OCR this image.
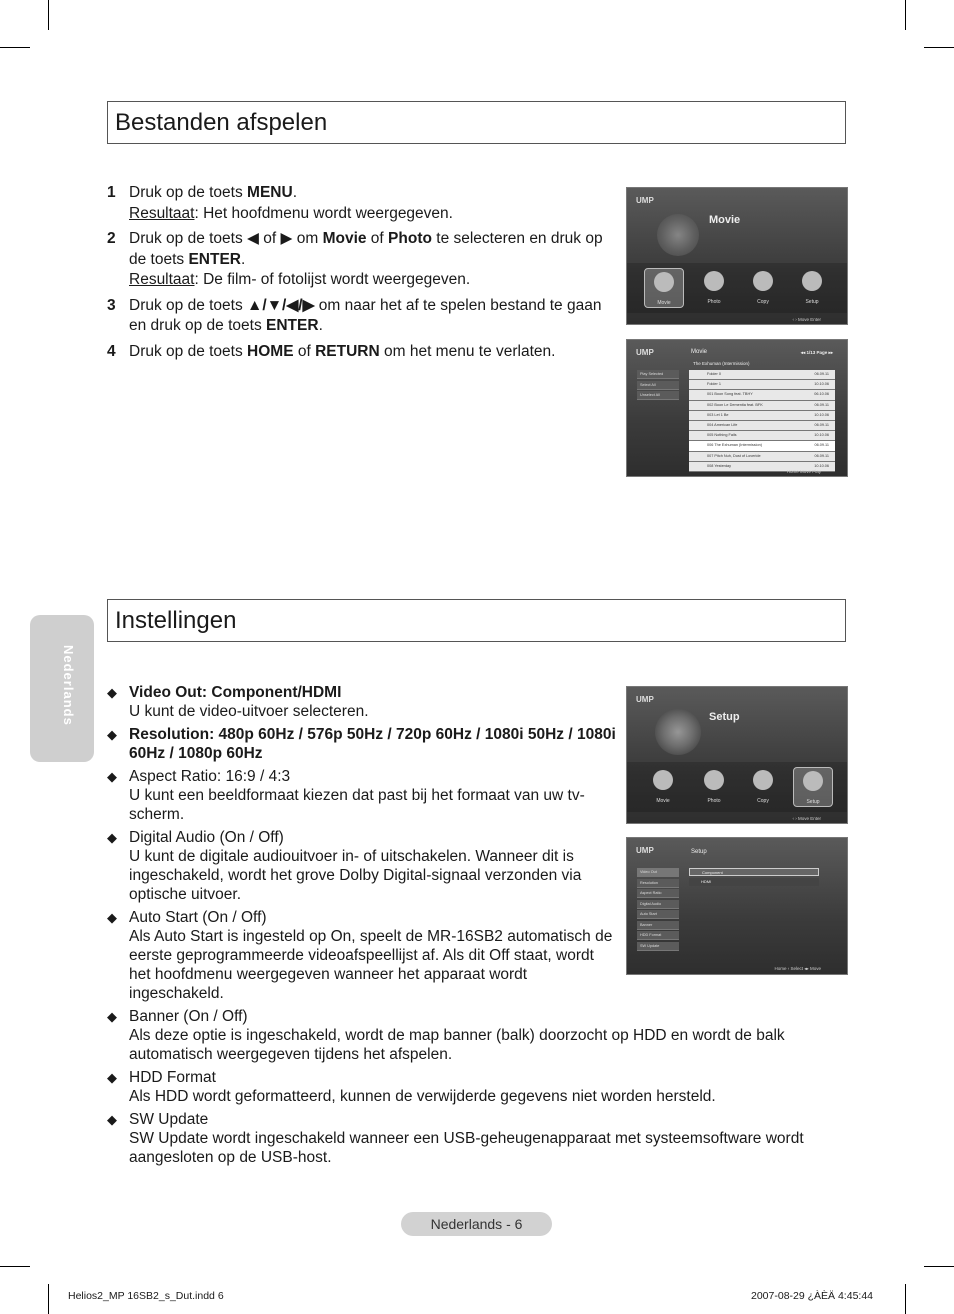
Bestanden afspelen
1 Druk op de toets MENU.
Resultaat: Het hoofdmenu wordt weergegeven.
2 Druk op de toets ◀ of ▶ om Movie of Photo te selecteren en druk op de toets ENTER.
Resultaat: De film- of fotolijst wordt weergegeven.
3 Druk op de toets ▲/▼/◀/▶ om naar het af te spelen bestand te gaan en druk op de toets ENTER.
4 Druk op de toets HOME of RETURN om het menu te verlaten.
UMP
Movie
Movie	Photo	Copy	Setup
‹ › Move Enter
UMP	Movie	◂◂ 1/13 Page ▸▸
The Exhuman (Intermission)
Play Selected
Select All
Unselect All
Folder 0	06.09.11
Folder 1	10.10.06
001 Boon Song feat. TBHY	06.10.06
002 Boon Le Dementia feat. BFK	06.09.11
003 Let 1 Be	10.10.06
004 American Life	06.09.11
005 Nothing Fails	10.10.06
006 The Exhuman (Intermission)	06.09.11
007 Pitch Nuh, Dust of Loveride	06.09.11
008 Yesterday	10.10.06
Home Move Play
Instellingen
◆ Video Out: Component/HDMI
U kunt de video-uitvoer selecteren.
◆ Resolution: 480p 60Hz / 576p 50Hz / 720p 60Hz / 1080i 50Hz / 1080i 60Hz / 1080p 60Hz
◆ Aspect Ratio: 16:9 / 4:3
U kunt een beeldformaat kiezen dat past bij het formaat van uw tv-scherm.
◆ Digital Audio (On / Off)
U kunt de digitale audiouitvoer in- of uitschakelen. Wanneer dit is ingeschakeld, wordt het grove Dolby Digital-signaal verzonden via optische uitvoer.
◆ Auto Start (On / Off)
Als Auto Start is ingesteld op On, speelt de MR-16SB2 automatisch de eerste geprogrammeerde videoafspeellijst af. Als dit Off staat, wordt het hoofdmenu weergegeven wanneer het apparaat wordt ingeschakeld.
◆ Banner (On / Off)
Als deze optie is ingeschakeld, wordt de map banner (balk) doorzocht op HDD en wordt de balk automatisch weergegeven tijdens het afspelen.
◆ HDD Format
Als HDD wordt geformatteerd, kunnen de verwijderde gegevens niet worden hersteld.
◆ SW Update
SW Update wordt ingeschakeld wanneer een USB-geheugenapparaat met systeemsoftware wordt aangesloten op de USB-host.
UMP
Setup
Movie	Photo	Copy	Setup
‹ › Move Enter
UMP	Setup
Video Out
Resolution
Aspect Ratio
Digital Audio
Auto Start
Banner
HDD Format
SW Update
Component
HDMI
Home ‹ Select ◂▸ Move
Nederlands
Nederlands - 6
Helios2_MP 16SB2_s_Dut.indd 6	2007-08-29 ¿ÀÈÄ 4:45:44
